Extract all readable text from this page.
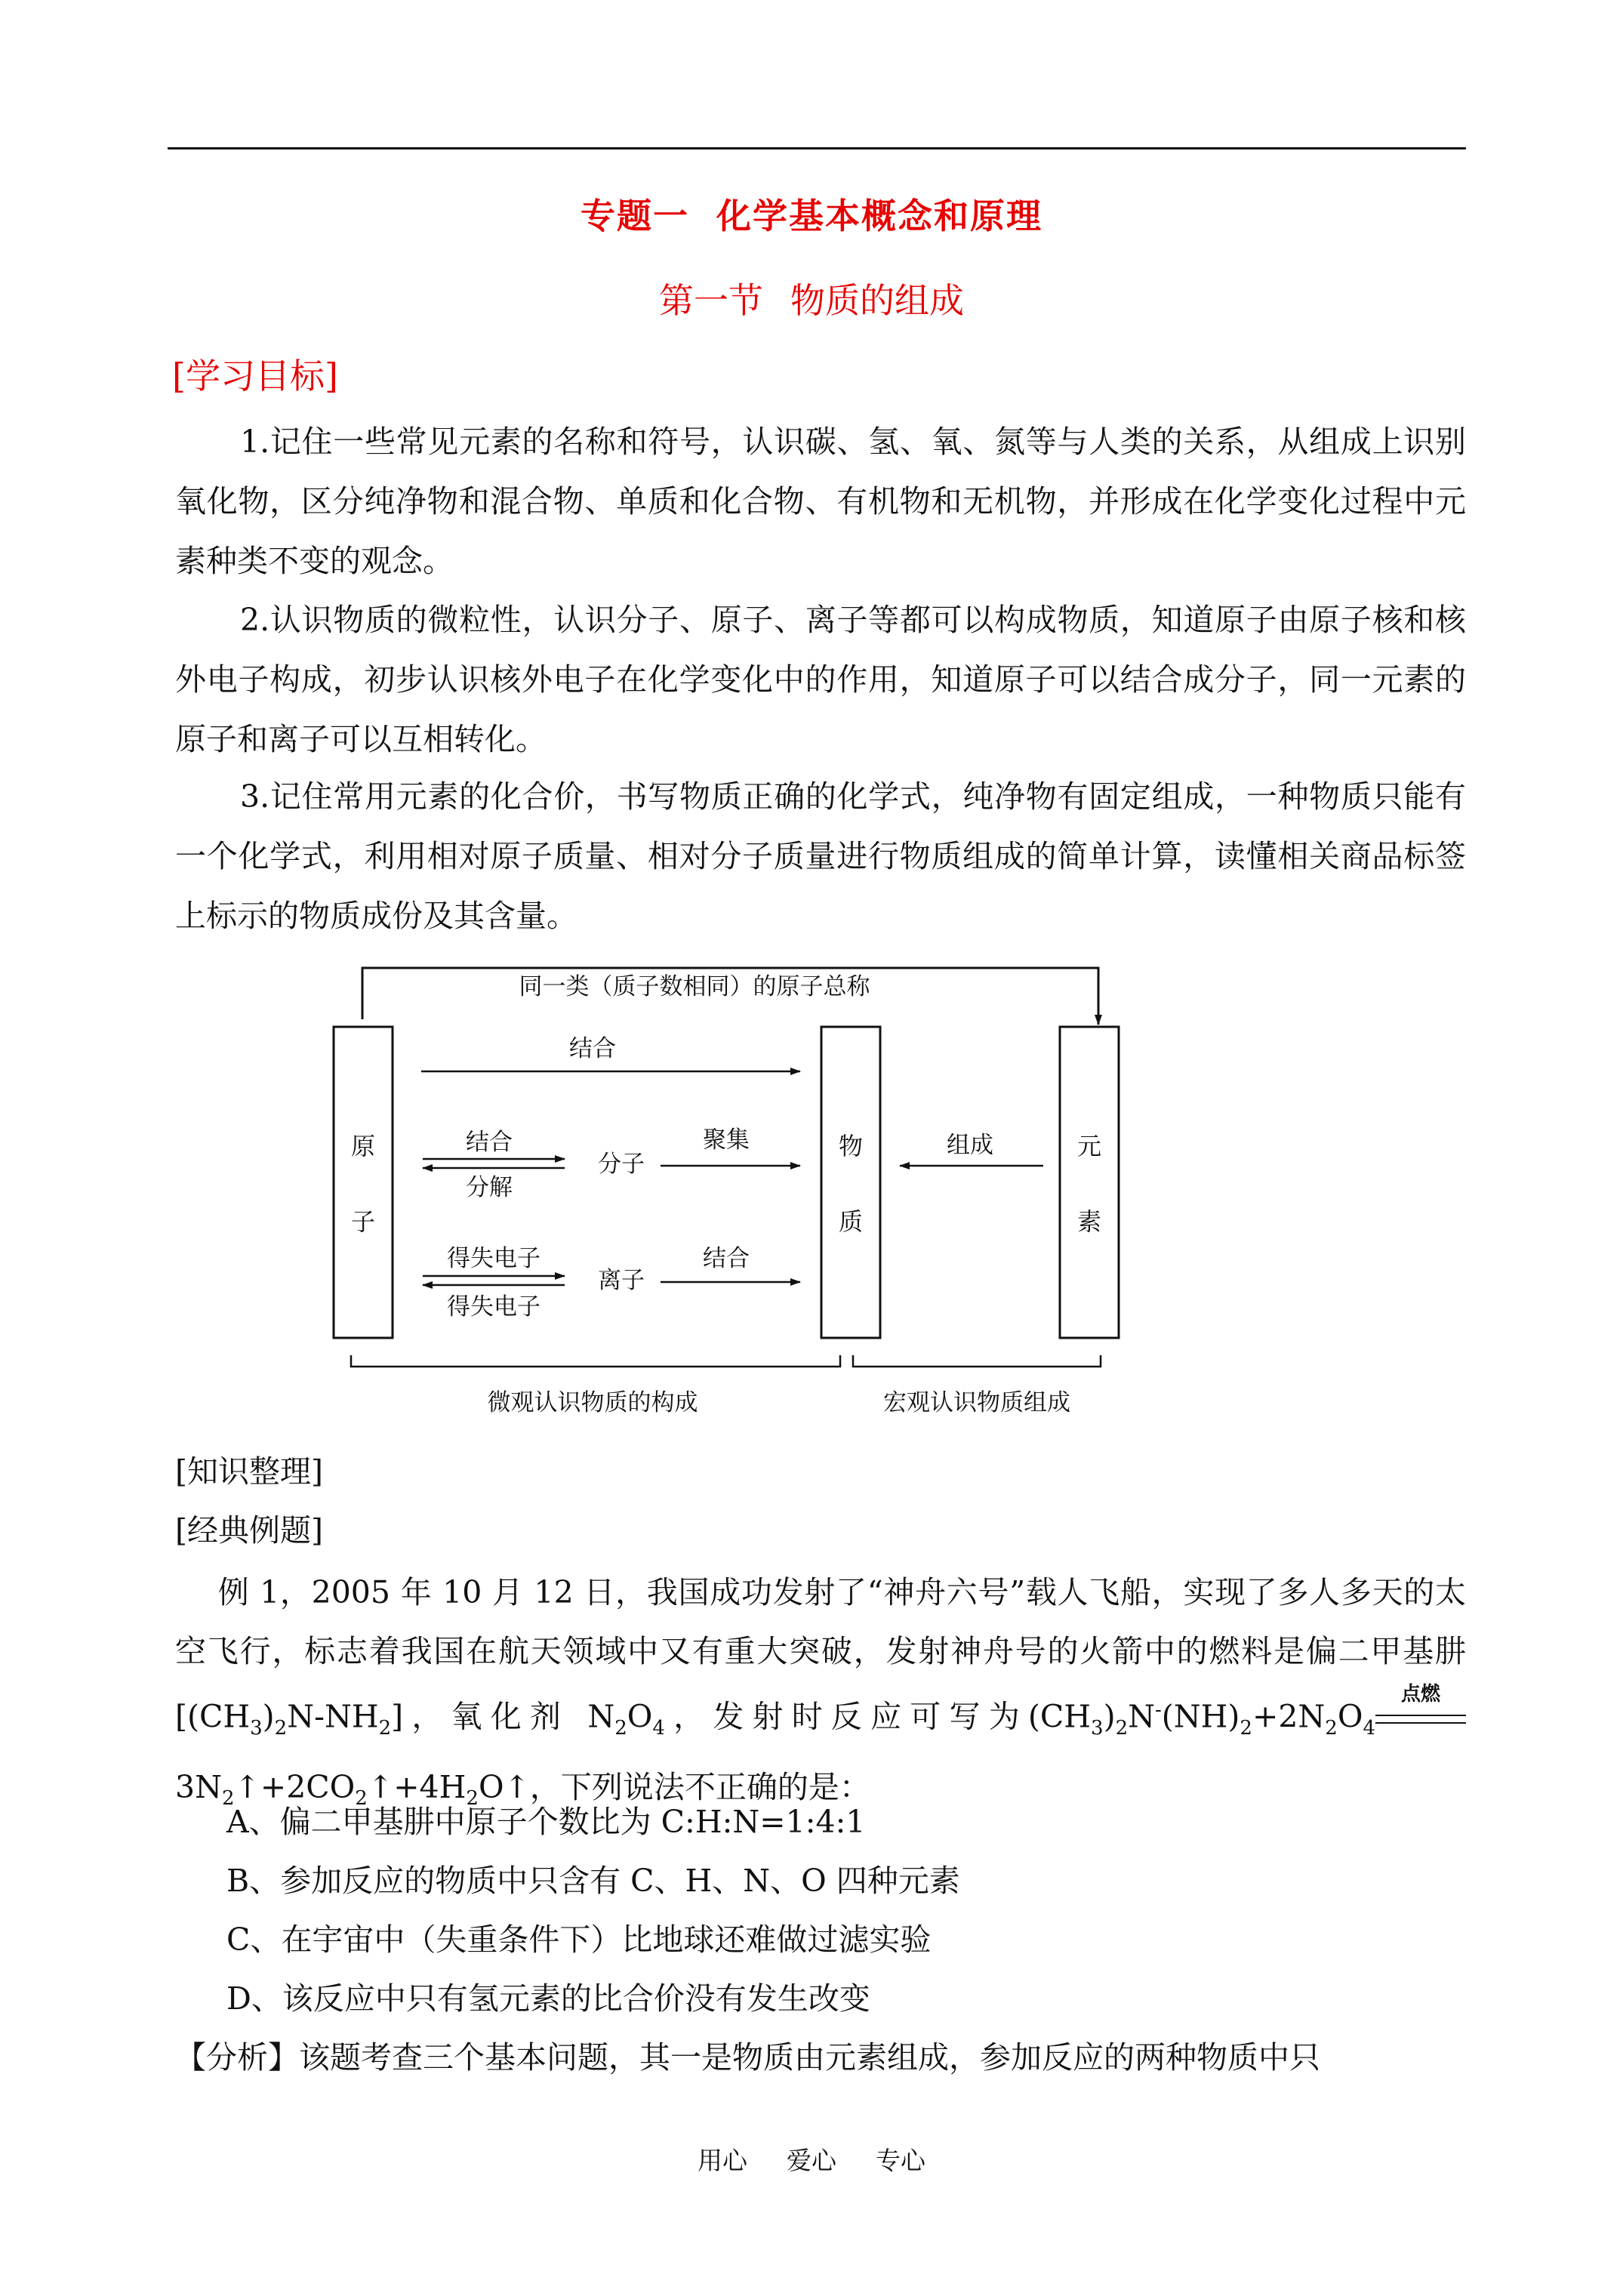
专题一 化学基本概念和原理
第一节 物质的组成
[学习目标]
1.记住一些常见元素的名称和符号，认识碳、氢、氧、氮等与人类的关系，从组成上识别氧化物，区分纯净物和混合物、单质和化合物、有机物和无机物，并形成在化学变化过程中元素种类不变的观念。
2.认识物质的微粒性，认识分子、原子、离子等都可以构成物质，知道原子由原子核和核外电子构成，初步认识核外电子在化学变化中的作用，知道原子可以结合成分子，同一元素的原子和离子可以互相转化。
3.记住常用元素的化合价，书写物质正确的化学式，纯净物有固定组成，一种物质只能有一个化学式，利用相对原子质量、相对分子质量进行物质组成的简单计算，读懂相关商品标签上标示的物质成份及其含量。
同一类（质子数相同）的原子总称
原
子
物
质
元
素
结合
结合
分解
分子
聚集	组成
得失电子
得失电子
离子
结合
微观认识物质的构成	宏观认识物质组成
[知识整理]
[经典例题]
例 1，2005 年 10 月 12 日，我国成功发射了“神舟六号”载人飞船，实现了多人多天的太空飞行，标志着我国在航天领域中又有重大突破，发射神舟号的火箭中的燃料是偏二甲基肼$[(CH_3)_2N-NH_2]$，氧化剂 $N_2O_4$，发射时反应可写为$(CH_3)_2N^-(NH)_2+2N_2O_4$
点燃
$3N_2↑+2CO_2↑+4H_2O↑$，下列说法不正确的是：
A、偏二甲基肼中原子个数比为 C:H:N=1:4:1
B、参加反应的物质中只含有 C、H、N、O 四种元素
C、在宇宙中（失重条件下）比地球还难做过滤实验
D、该反应中只有氢元素的比合价没有发生改变
【分析】该题考查三个基本问题，其一是物质由元素组成，参加反应的两种物质中只
用心 爱心 专心
